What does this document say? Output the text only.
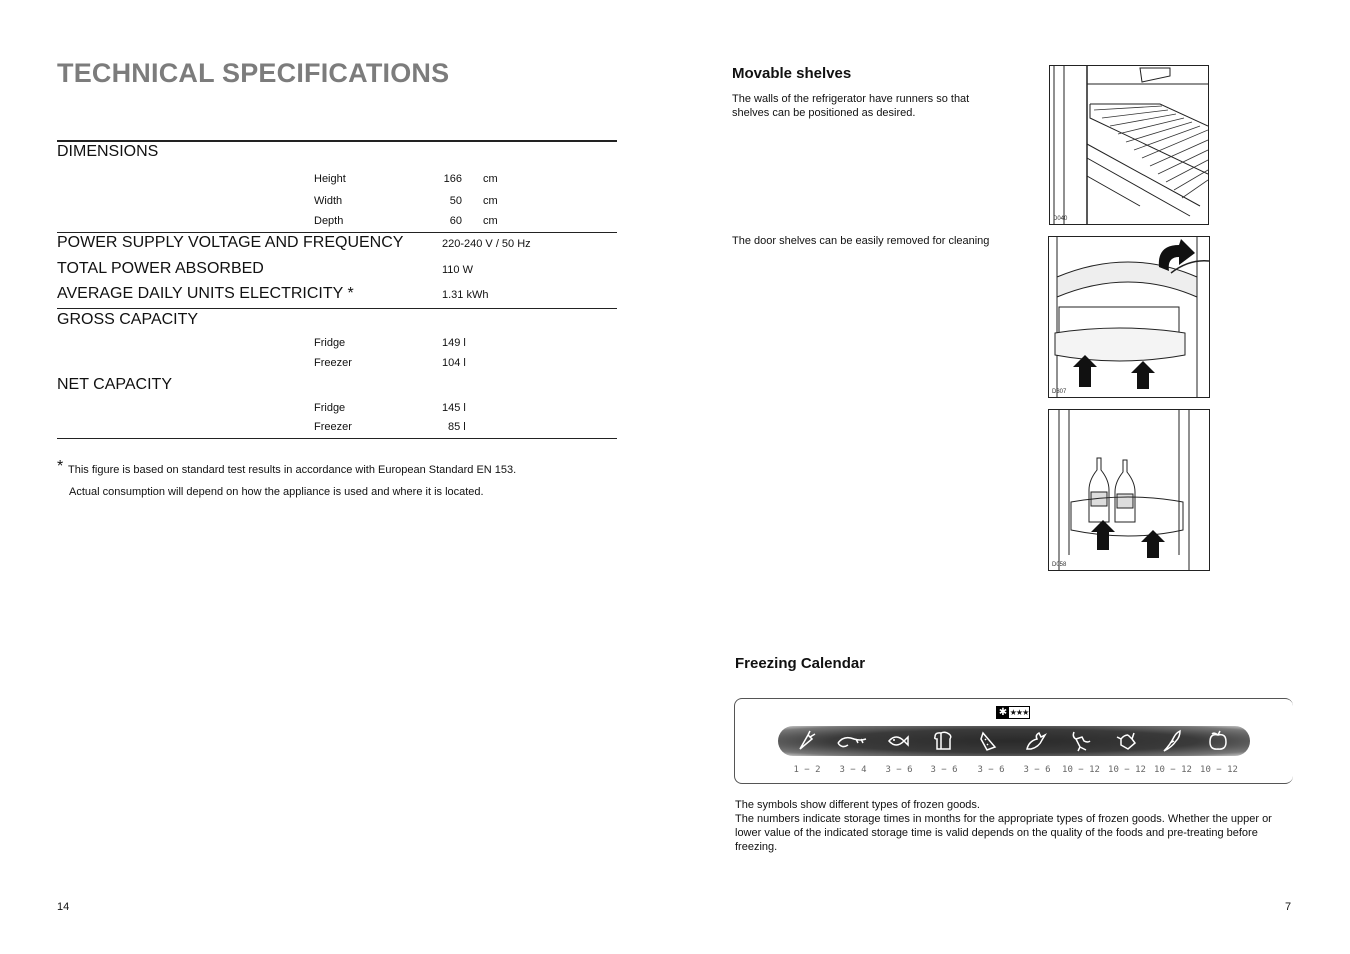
TECHNICAL SPECIFICATIONS
DIMENSIONS
Height	166 cm
Width	50 cm
Depth	60 cm
POWER SUPPLY VOLTAGE AND FREQUENCY	220-240 V / 50 Hz
TOTAL POWER ABSORBED	110 W
AVERAGE DAILY UNITS ELECTRICITY *	1.31 kWh
GROSS CAPACITY
Fridge	149 l
Freezer	104 l
NET CAPACITY
Fridge	145 l
Freezer	85 l
* This figure is based on standard test results in accordance with European Standard EN 153.
Actual consumption will depend on how the appliance is used and where it is located.
14
Movable shelves
The walls of the refrigerator have runners so that shelves can be positioned as desired.
D040
The door shelves can be easily removed for cleaning
D307
D058
Freezing Calendar
✱ ★★★
1 − 2	3 − 4	3 − 6	3 − 6	3 − 6	3 − 6	10 − 12 10 − 12 10 − 12 10 − 12
The symbols show different types of frozen goods.
The numbers indicate storage times in months for the appropriate types of frozen goods. Whether the upper or lower value of the indicated storage time is valid depends on the quality of the foods and pre-treating before freezing.
7
